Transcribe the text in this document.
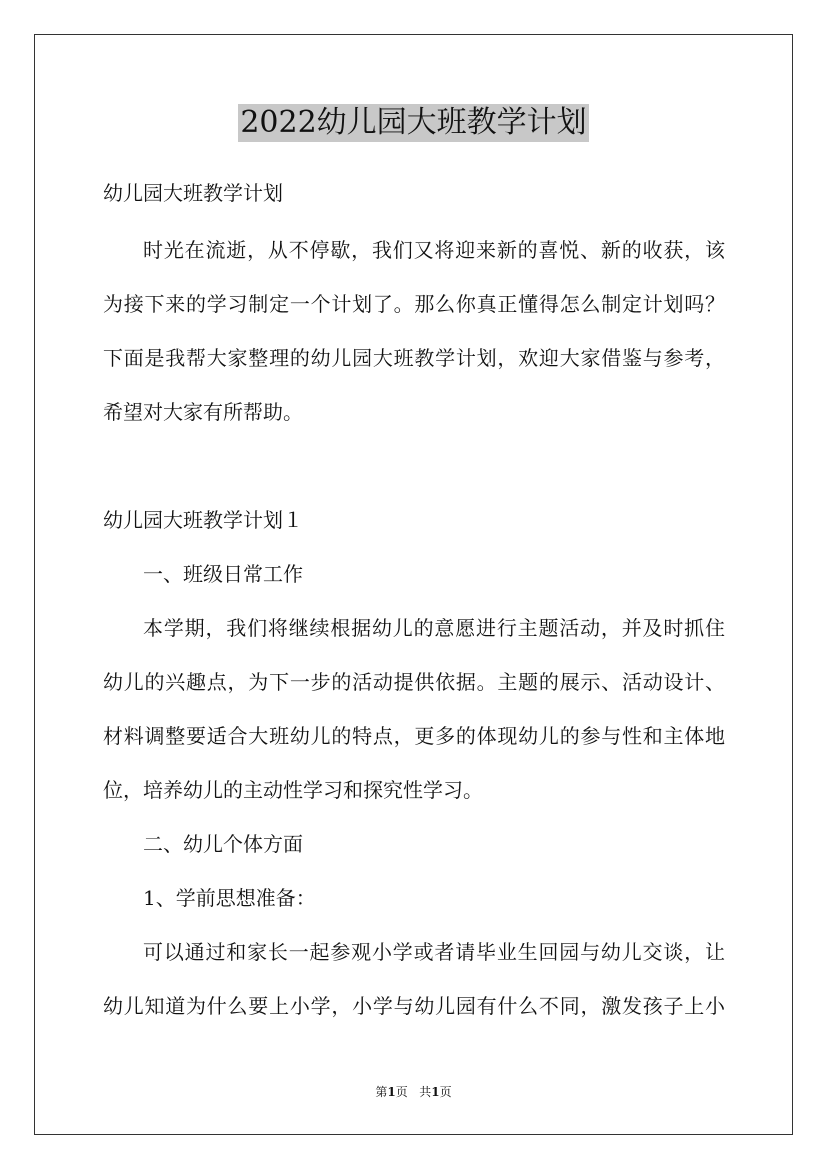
2022幼儿园大班教学计划
幼儿园大班教学计划
时光在流逝，从不停歇，我们又将迎来新的喜悦、新的收获，该
为接下来的学习制定一个计划了。那么你真正懂得怎么制定计划吗？
下面是我帮大家整理的幼儿园大班教学计划，欢迎大家借鉴与参考，
希望对大家有所帮助。
幼儿园大班教学计划１
一、班级日常工作
本学期，我们将继续根据幼儿的意愿进行主题活动，并及时抓住
幼儿的兴趣点，为下一步的活动提供依据。主题的展示、活动设计、
材料调整要适合大班幼儿的特点，更多的体现幼儿的参与性和主体地
位，培养幼儿的主动性学习和探究性学习。
二、幼儿个体方面
1、学前思想准备：
可以通过和家长一起参观小学或者请毕业生回园与幼儿交谈，让
幼儿知道为什么要上小学，小学与幼儿园有什么不同，激发孩子上小
第1页 共1页
